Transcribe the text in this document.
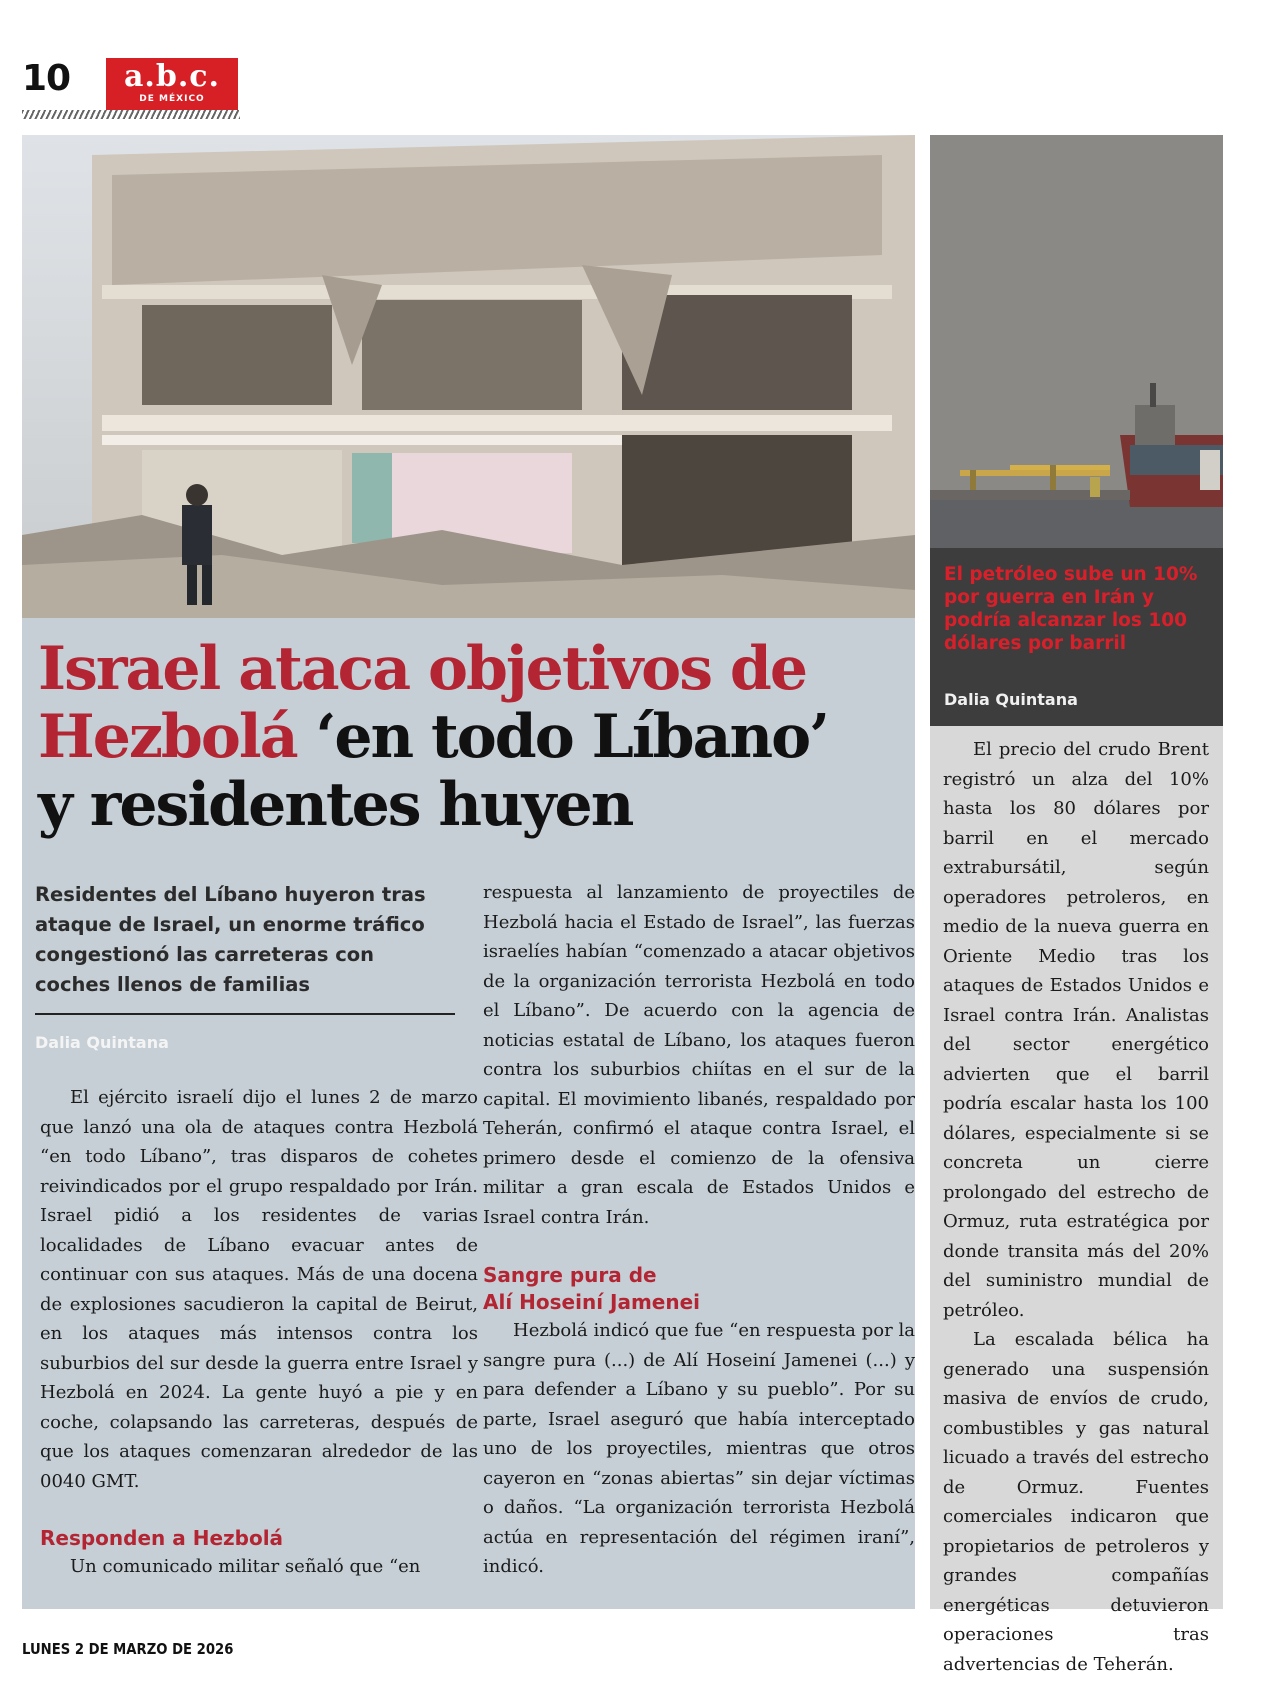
10	a.b.c.
DE MÉXICO
Israel ataca objetivos de Hezbolá ‘en todo Líbano’
y residentes huyen

Residentes del Líbano huyeron tras ataque de Israel, un enorme tráfico congestionó las carreteras con coches llenos de familias

Dalia Quintana

El ejército israelí dijo el lunes 2 de marzo que lanzó una ola de ataques contra Hezbolá “en todo Líbano”, tras disparos de cohetes reivindicados por el grupo respaldado por Irán. Israel pidió a los residentes de varias localidades de Líbano evacuar antes de continuar con sus ataques. Más de una docena de explosiones sacudieron la capital de Beirut, en los ataques más intensos contra los suburbios del sur desde la guerra entre Israel y Hezbolá en 2024. La gente huyó a pie y en coche, colapsando las carreteras, después de que los ataques comenzaran alrededor de las 0040 GMT.

Responden a Hezbolá

Un comunicado militar señaló que “en

respuesta al lanzamiento de proyectiles de Hezbolá hacia el Estado de Israel”, las fuerzas israelíes habían “comenzado a atacar objetivos de la organización terrorista Hezbolá en todo el Líbano”. De acuerdo con la agencia de noticias estatal de Líbano, los ataques fueron contra los suburbios chiítas en el sur de la capital. El movimiento libanés, respaldado por Teherán, confirmó el ataque contra Israel, el primero desde el comienzo de la ofensiva militar a gran escala de Estados Unidos e Israel contra Irán.

Sangre pura de
Alí Hoseiní Jamenei

Hezbolá indicó que fue “en respuesta por la sangre pura (...) de Alí Hoseiní Jamenei (...) y para defender a Líbano y su pueblo”. Por su parte, Israel aseguró que había interceptado uno de los proyectiles, mientras que otros cayeron en “zonas abiertas” sin dejar víctimas o daños. “La organización terrorista Hezbolá actúa en representación del régimen iraní”, indicó.

El petróleo sube un 10% por guerra en Irán y podría alcanzar los 100 dólares por barril
Dalia Quintana

El precio del crudo Brent registró un alza del 10% hasta los 80 dólares por barril en el mercado extrabursátil, según operadores petroleros, en medio de la nueva guerra en Oriente Medio tras los ataques de Estados Unidos e Israel contra Irán. Analistas del sector energético advierten que el barril podría escalar hasta los 100 dólares, especialmente si se concreta un cierre prolongado del estrecho de Ormuz, ruta estratégica por donde transita más del 20% del suministro mundial de petróleo.

La escalada bélica ha generado una suspensión masiva de envíos de crudo, combustibles y gas natural licuado a través del estrecho de Ormuz. Fuentes comerciales indicaron que propietarios de petroleros y grandes compañías energéticas detuvieron operaciones tras advertencias de Teherán.

LUNES 2 DE MARZO DE 2026
